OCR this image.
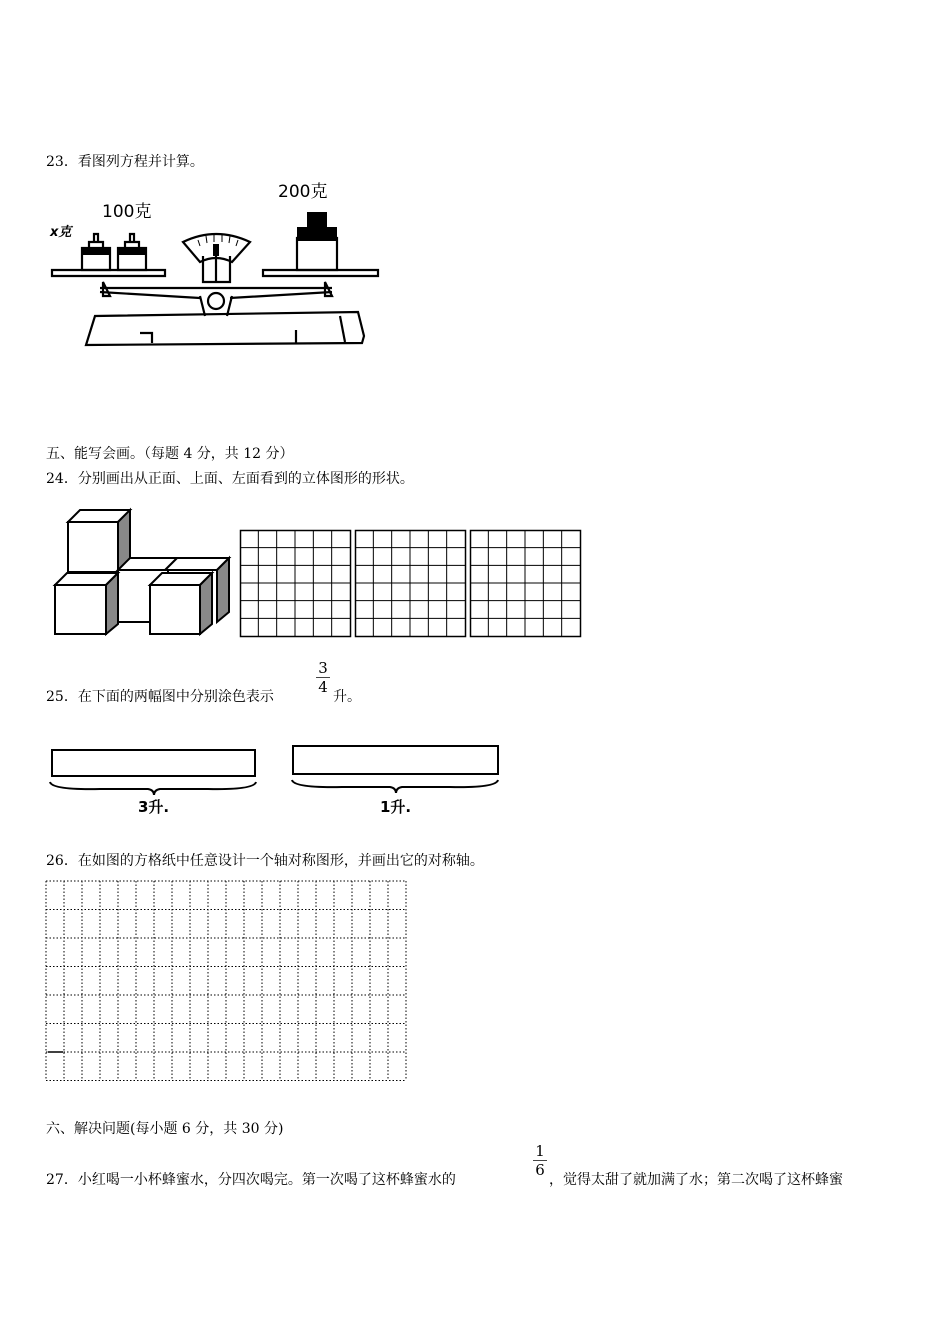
23．看图列方程并计算。
x克
100克
200克
五、能写会画。（每题 4 分，共 12 分）
24．分别画出从正面、上面、左面看到的立体图形的形状。
25．在下面的两幅图中分别涂色表示
3
4
升。
3升.	1升.
26．在如图的方格纸中任意设计一个轴对称图形，并画出它的对称轴。
六、解决问题(每小题 6 分，共 30 分)
27．小红喝一小杯蜂蜜水，分四次喝完。第一次喝了这杯蜂蜜水的
1
6
，觉得太甜了就加满了水；第二次喝了这杯蜂蜜
